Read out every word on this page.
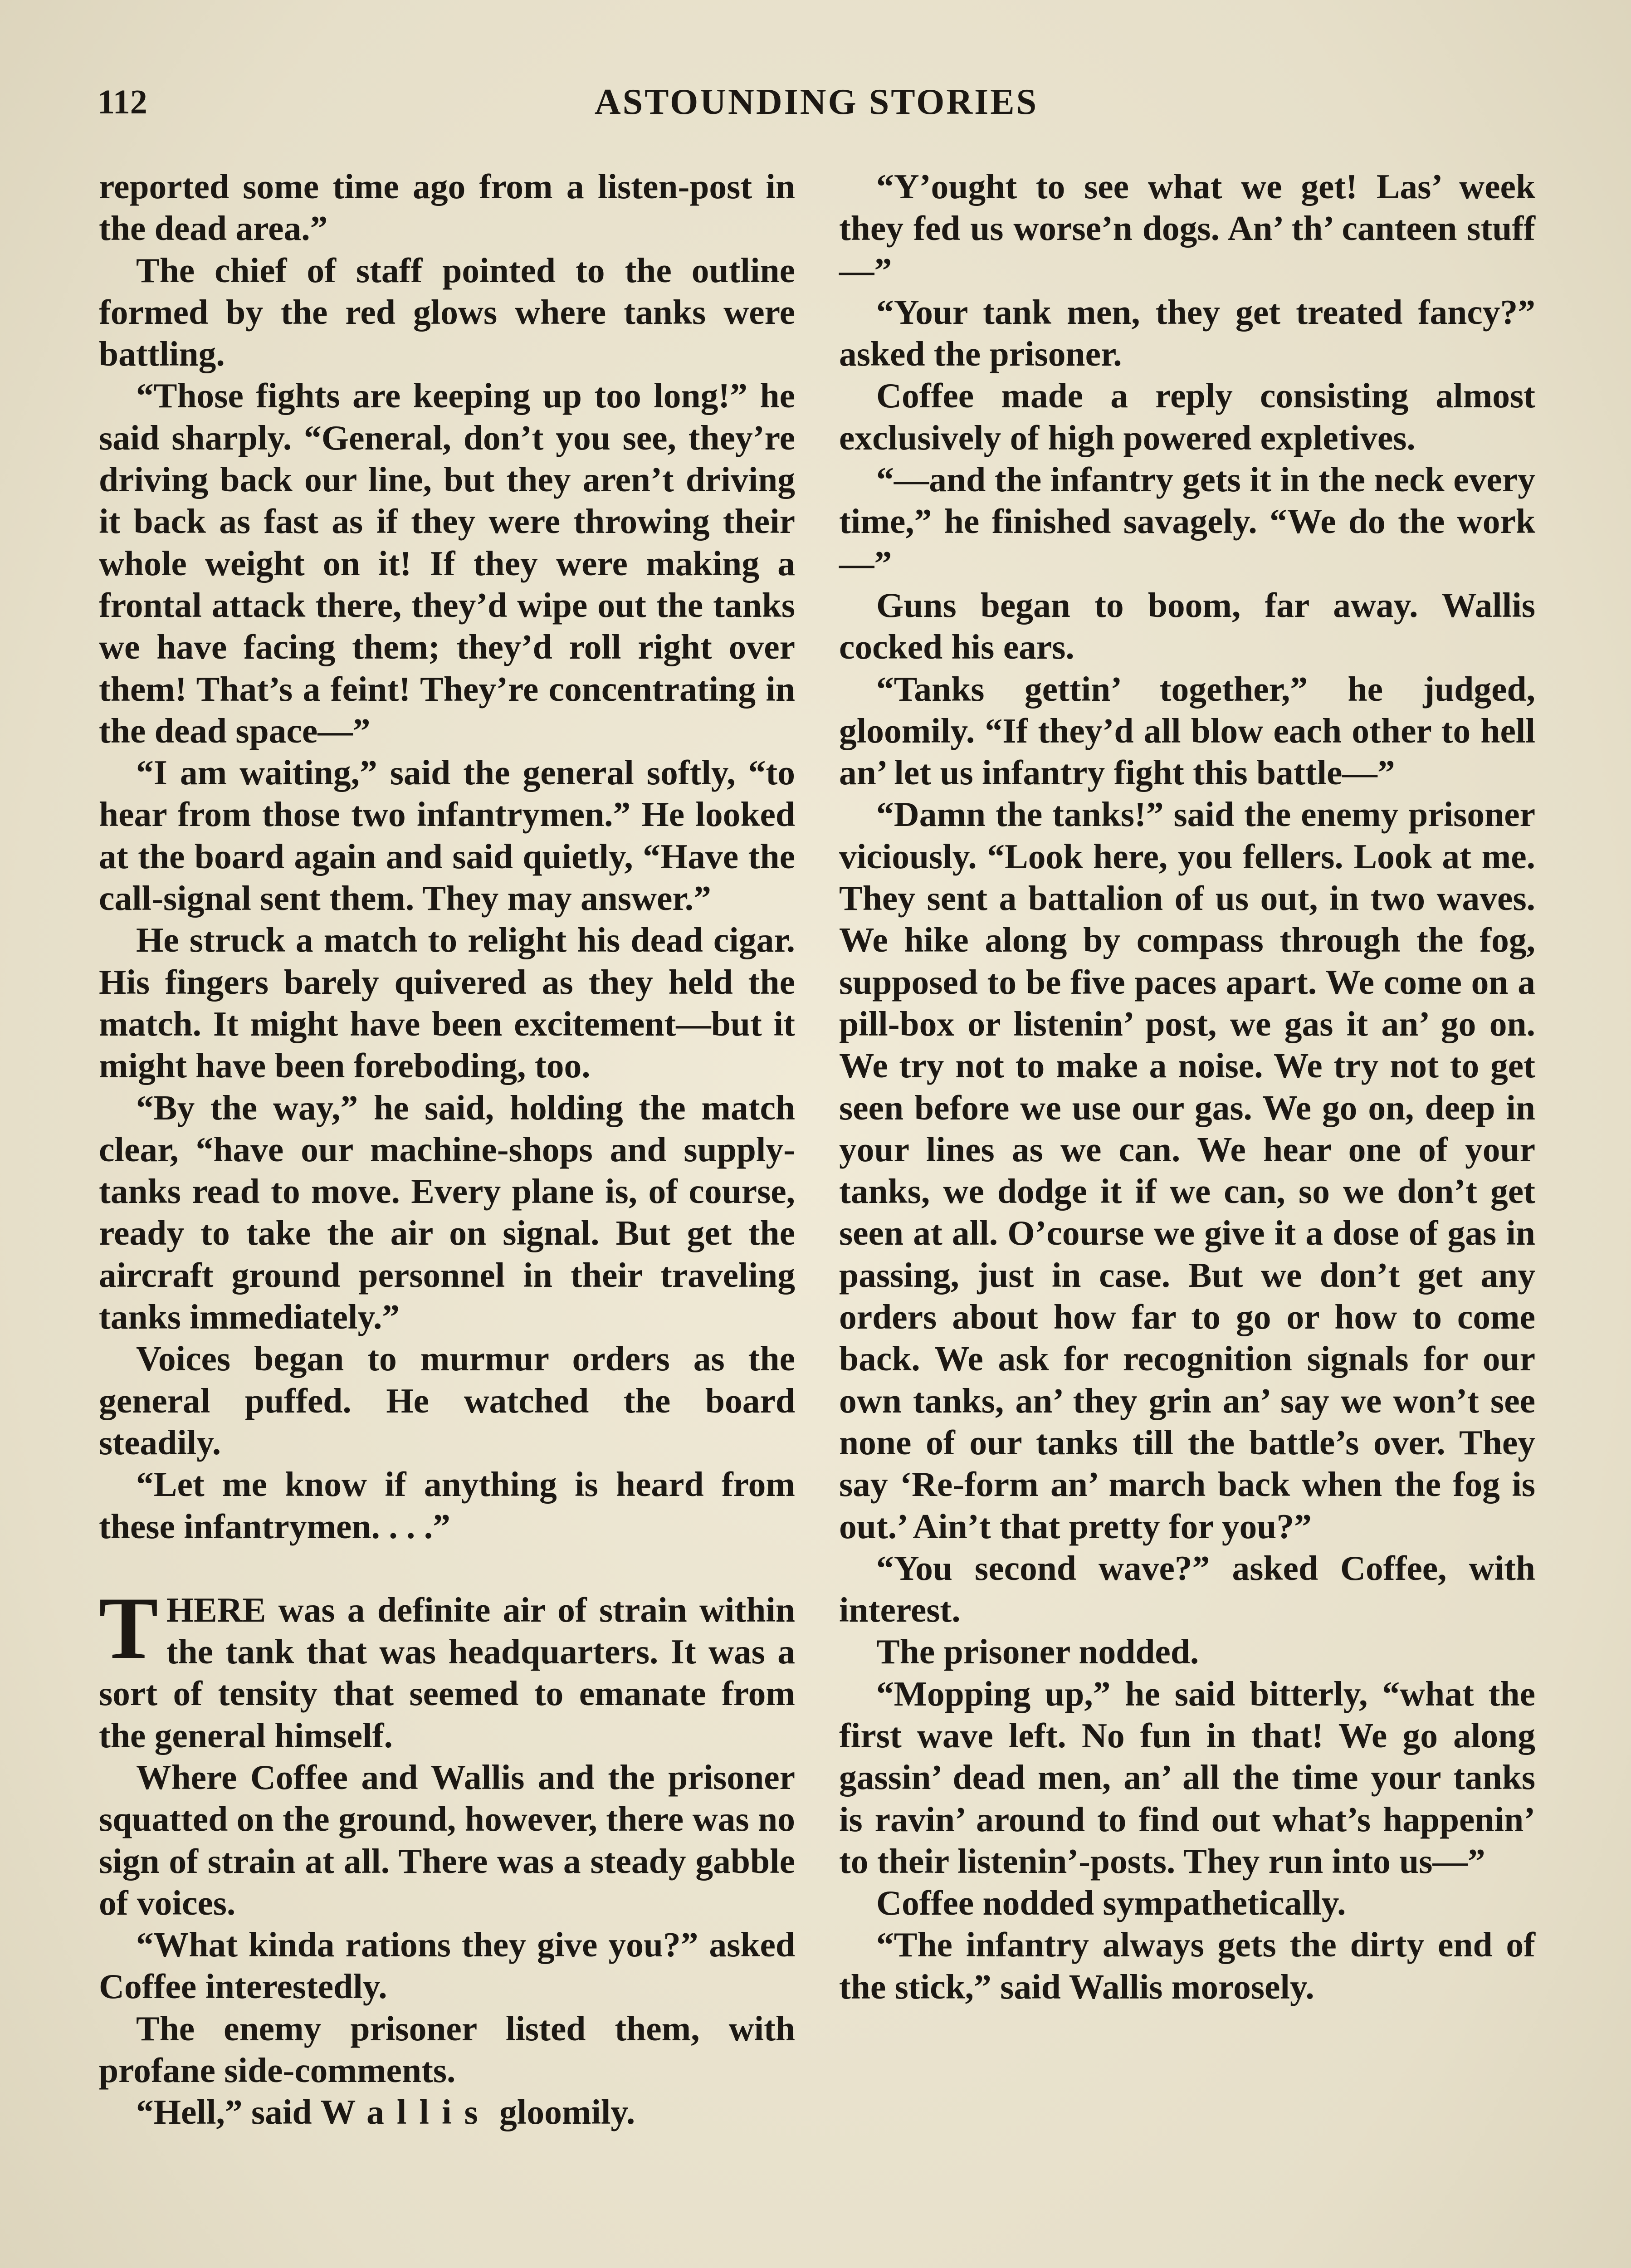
112	ASTOUNDING STORIES

reported some time ago from a listen-post in the dead area.”

The chief of staff pointed to the outline formed by the red glows where tanks were battling.

“Those fights are keeping up too long!” he said sharply. “General, don’t you see, they’re driving back our line, but they aren’t driving it back as fast as if they were throwing their whole weight on it! If they were making a frontal attack there, they’d wipe out the tanks we have facing them; they’d roll right over them! That’s a feint! They’re concentrating in the dead space—”

“I am waiting,” said the general softly, “to hear from those two infantrymen.” He looked at the board again and said quietly, “Have the call-signal sent them. They may answer.”

He struck a match to relight his dead cigar. His fingers barely quivered as they held the match. It might have been excitement—but it might have been foreboding, too.

“By the way,” he said, holding the match clear, “have our machine-shops and supply-tanks read to move. Every plane is, of course, ready to take the air on signal. But get the aircraft ground personnel in their traveling tanks immediately.”

Voices began to murmur orders as the general puffed. He watched the board steadily.

“Let me know if anything is heard from these infantrymen. . . .”

THERE was a definite air of strain within the tank that was headquarters. It was a sort of tensity that seemed to emanate from the general himself.

Where Coffee and Wallis and the prisoner squatted on the ground, however, there was no sign of strain at all. There was a steady gabble of voices.

“What kinda rations they give you?” asked Coffee interestedly.

The enemy prisoner listed them, with profane side-comments.

“Hell,” said Wallis gloomily.

“Y’ought to see what we get! Las’ week they fed us worse’n dogs. An’ th’ canteen stuff—”

“Your tank men, they get treated fancy?” asked the prisoner.

Coffee made a reply consisting almost exclusively of high powered expletives.

“—and the infantry gets it in the neck every time,” he finished savagely. “We do the work—”

Guns began to boom, far away. Wallis cocked his ears.

“Tanks gettin’ together,” he judged, gloomily. “If they’d all blow each other to hell an’ let us infantry fight this battle—”

“Damn the tanks!” said the enemy prisoner viciously. “Look here, you fellers. Look at me. They sent a battalion of us out, in two waves. We hike along by compass through the fog, supposed to be five paces apart. We come on a pill-box or listenin’ post, we gas it an’ go on. We try not to make a noise. We try not to get seen before we use our gas. We go on, deep in your lines as we can. We hear one of your tanks, we dodge it if we can, so we don’t get seen at all. O’course we give it a dose of gas in passing, just in case. But we don’t get any orders about how far to go or how to come back. We ask for recognition signals for our own tanks, an’ they grin an’ say we won’t see none of our tanks till the battle’s over. They say ‘Re-form an’ march back when the fog is out.’ Ain’t that pretty for you?”

“You second wave?” asked Coffee, with interest.

The prisoner nodded.

“Mopping up,” he said bitterly, “what the first wave left. No fun in that! We go along gassin’ dead men, an’ all the time your tanks is ravin’ around to find out what’s happenin’ to their listenin’-posts. They run into us—”

Coffee nodded sympathetically.

“The infantry always gets the dirty end of the stick,” said Wallis morosely.
